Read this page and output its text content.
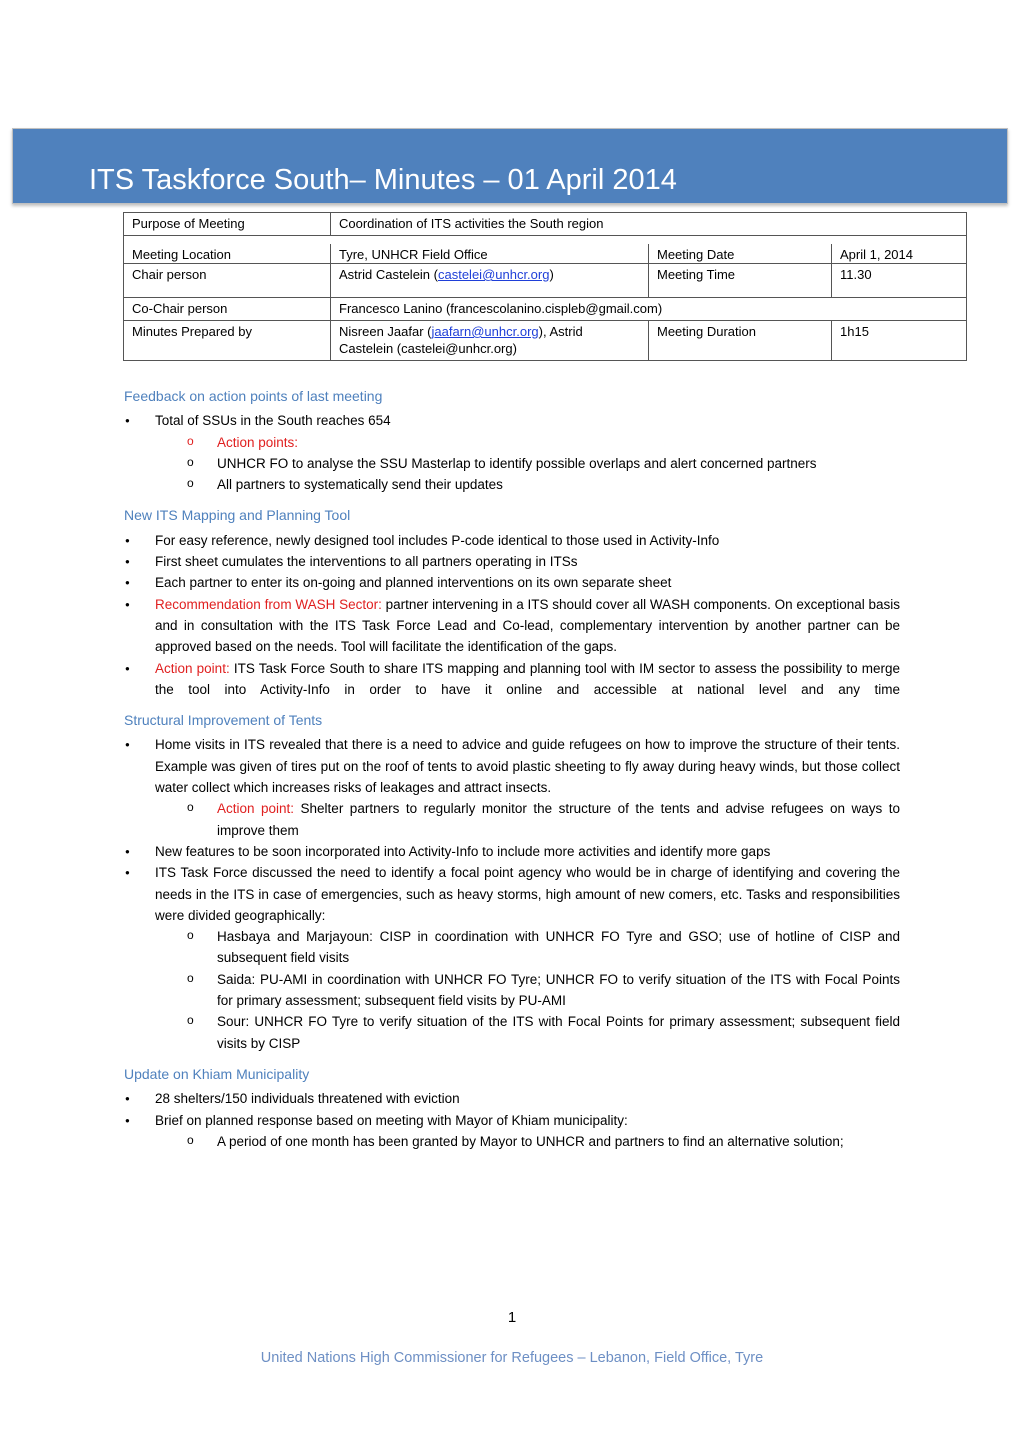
ITS Taskforce South– Minutes – 01 April 2014
Purpose of Meeting	Coordination of ITS activities the South region		

Meeting Location	Tyre, UNHCR Field Office	Meeting Date	April 1, 2014
Chair person	Astrid Castelein (castelei@unhcr.org)	Meeting Time	11.30
Co-Chair person	Francesco Lanino (francescolanino.cispleb@gmail.com)		
Minutes Prepared by	Nisreen Jaafar (jaafarn@unhcr.org), Astrid Castelein (castelei@unhcr.org)	Meeting Duration	1h15
Feedback on action points of last meeting
● Total of SSUs in the South reaches 654
o Action points:
o UNHCR FO to analyse the SSU Masterlap to identify possible overlaps and alert concerned partners
o All partners to systematically send their updates
New ITS Mapping and Planning Tool
● For easy reference, newly designed tool includes P-code identical to those used in Activity-Info
● First sheet cumulates the interventions to all partners operating in ITSs
● Each partner to enter its on-going and planned interventions on its own separate sheet
● Recommendation from WASH Sector: partner intervening in a ITS should cover all WASH components. On exceptional basis and in consultation with the ITS Task Force Lead and Co-lead, complementary intervention by another partner can be approved based on the needs. Tool will facilitate the identification of the gaps.
● Action point: ITS Task Force South to share ITS mapping and planning tool with IM sector to assess the possibility to merge the tool into Activity-Info in order to have it online and accessible at national level and any time
Structural Improvement of Tents
● Home visits in ITS revealed that there is a need to advice and guide refugees on how to improve the structure of their tents. Example was given of tires put on the roof of tents to avoid plastic sheeting to fly away during heavy winds, but those collect water collect which increases risks of leakages and attract insects.
o Action point: Shelter partners to regularly monitor the structure of the tents and advise refugees on ways to improve them
● New features to be soon incorporated into Activity-Info to include more activities and identify more gaps
● ITS Task Force discussed the need to identify a focal point agency who would be in charge of identifying and covering the needs in the ITS in case of emergencies, such as heavy storms, high amount of new comers, etc. Tasks and responsibilities were divided geographically:
o Hasbaya and Marjayoun: CISP in coordination with UNHCR FO Tyre and GSO; use of hotline of CISP and subsequent field visits
o Saida: PU-AMI in coordination with UNHCR FO Tyre; UNHCR FO to verify situation of the ITS with Focal Points for primary assessment; subsequent field visits by PU-AMI
o Sour: UNHCR FO Tyre to verify situation of the ITS with Focal Points for primary assessment; subsequent field visits by CISP
Update on Khiam Municipality
● 28 shelters/150 individuals threatened with eviction
● Brief on planned response based on meeting with Mayor of Khiam municipality:
o A period of one month has been granted by Mayor to UNHCR and partners to find an alternative solution;
1
United Nations High Commissioner for Refugees – Lebanon, Field Office, Tyre
